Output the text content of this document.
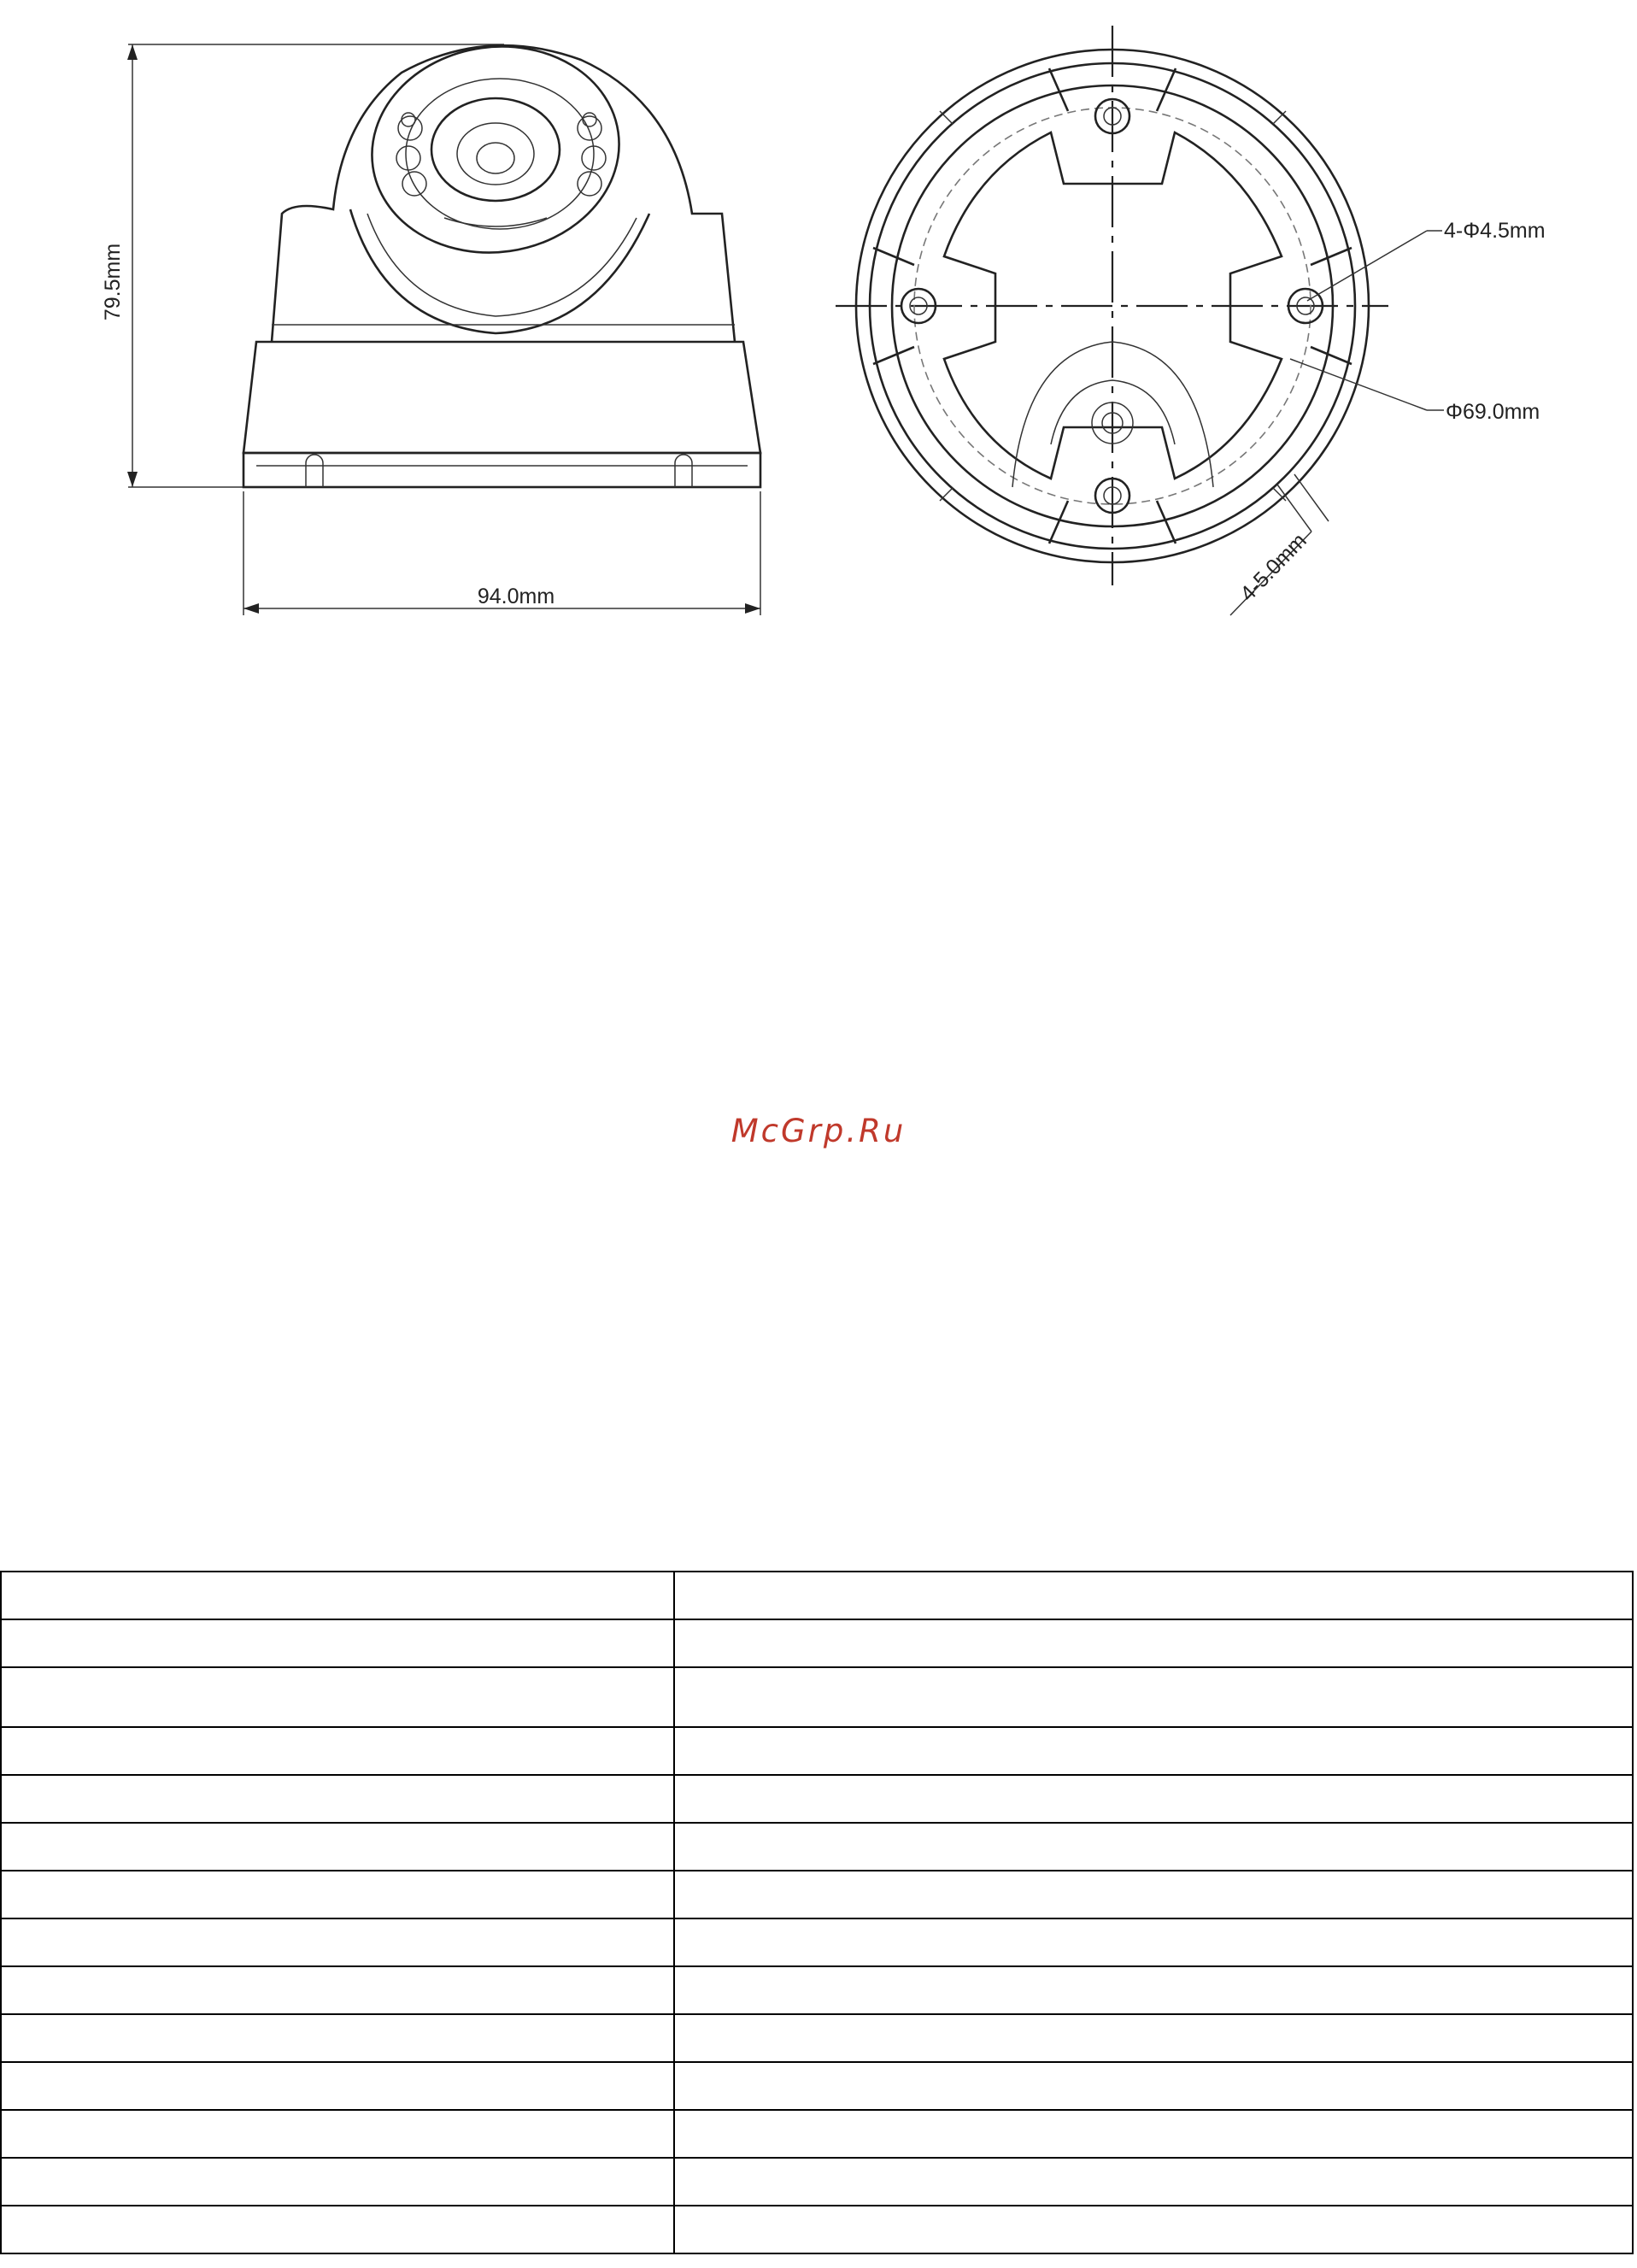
79.5mm
94.0mm
4-Φ4.5mm
Φ69.0mm
4-5.0mm
McGrp.Ru
